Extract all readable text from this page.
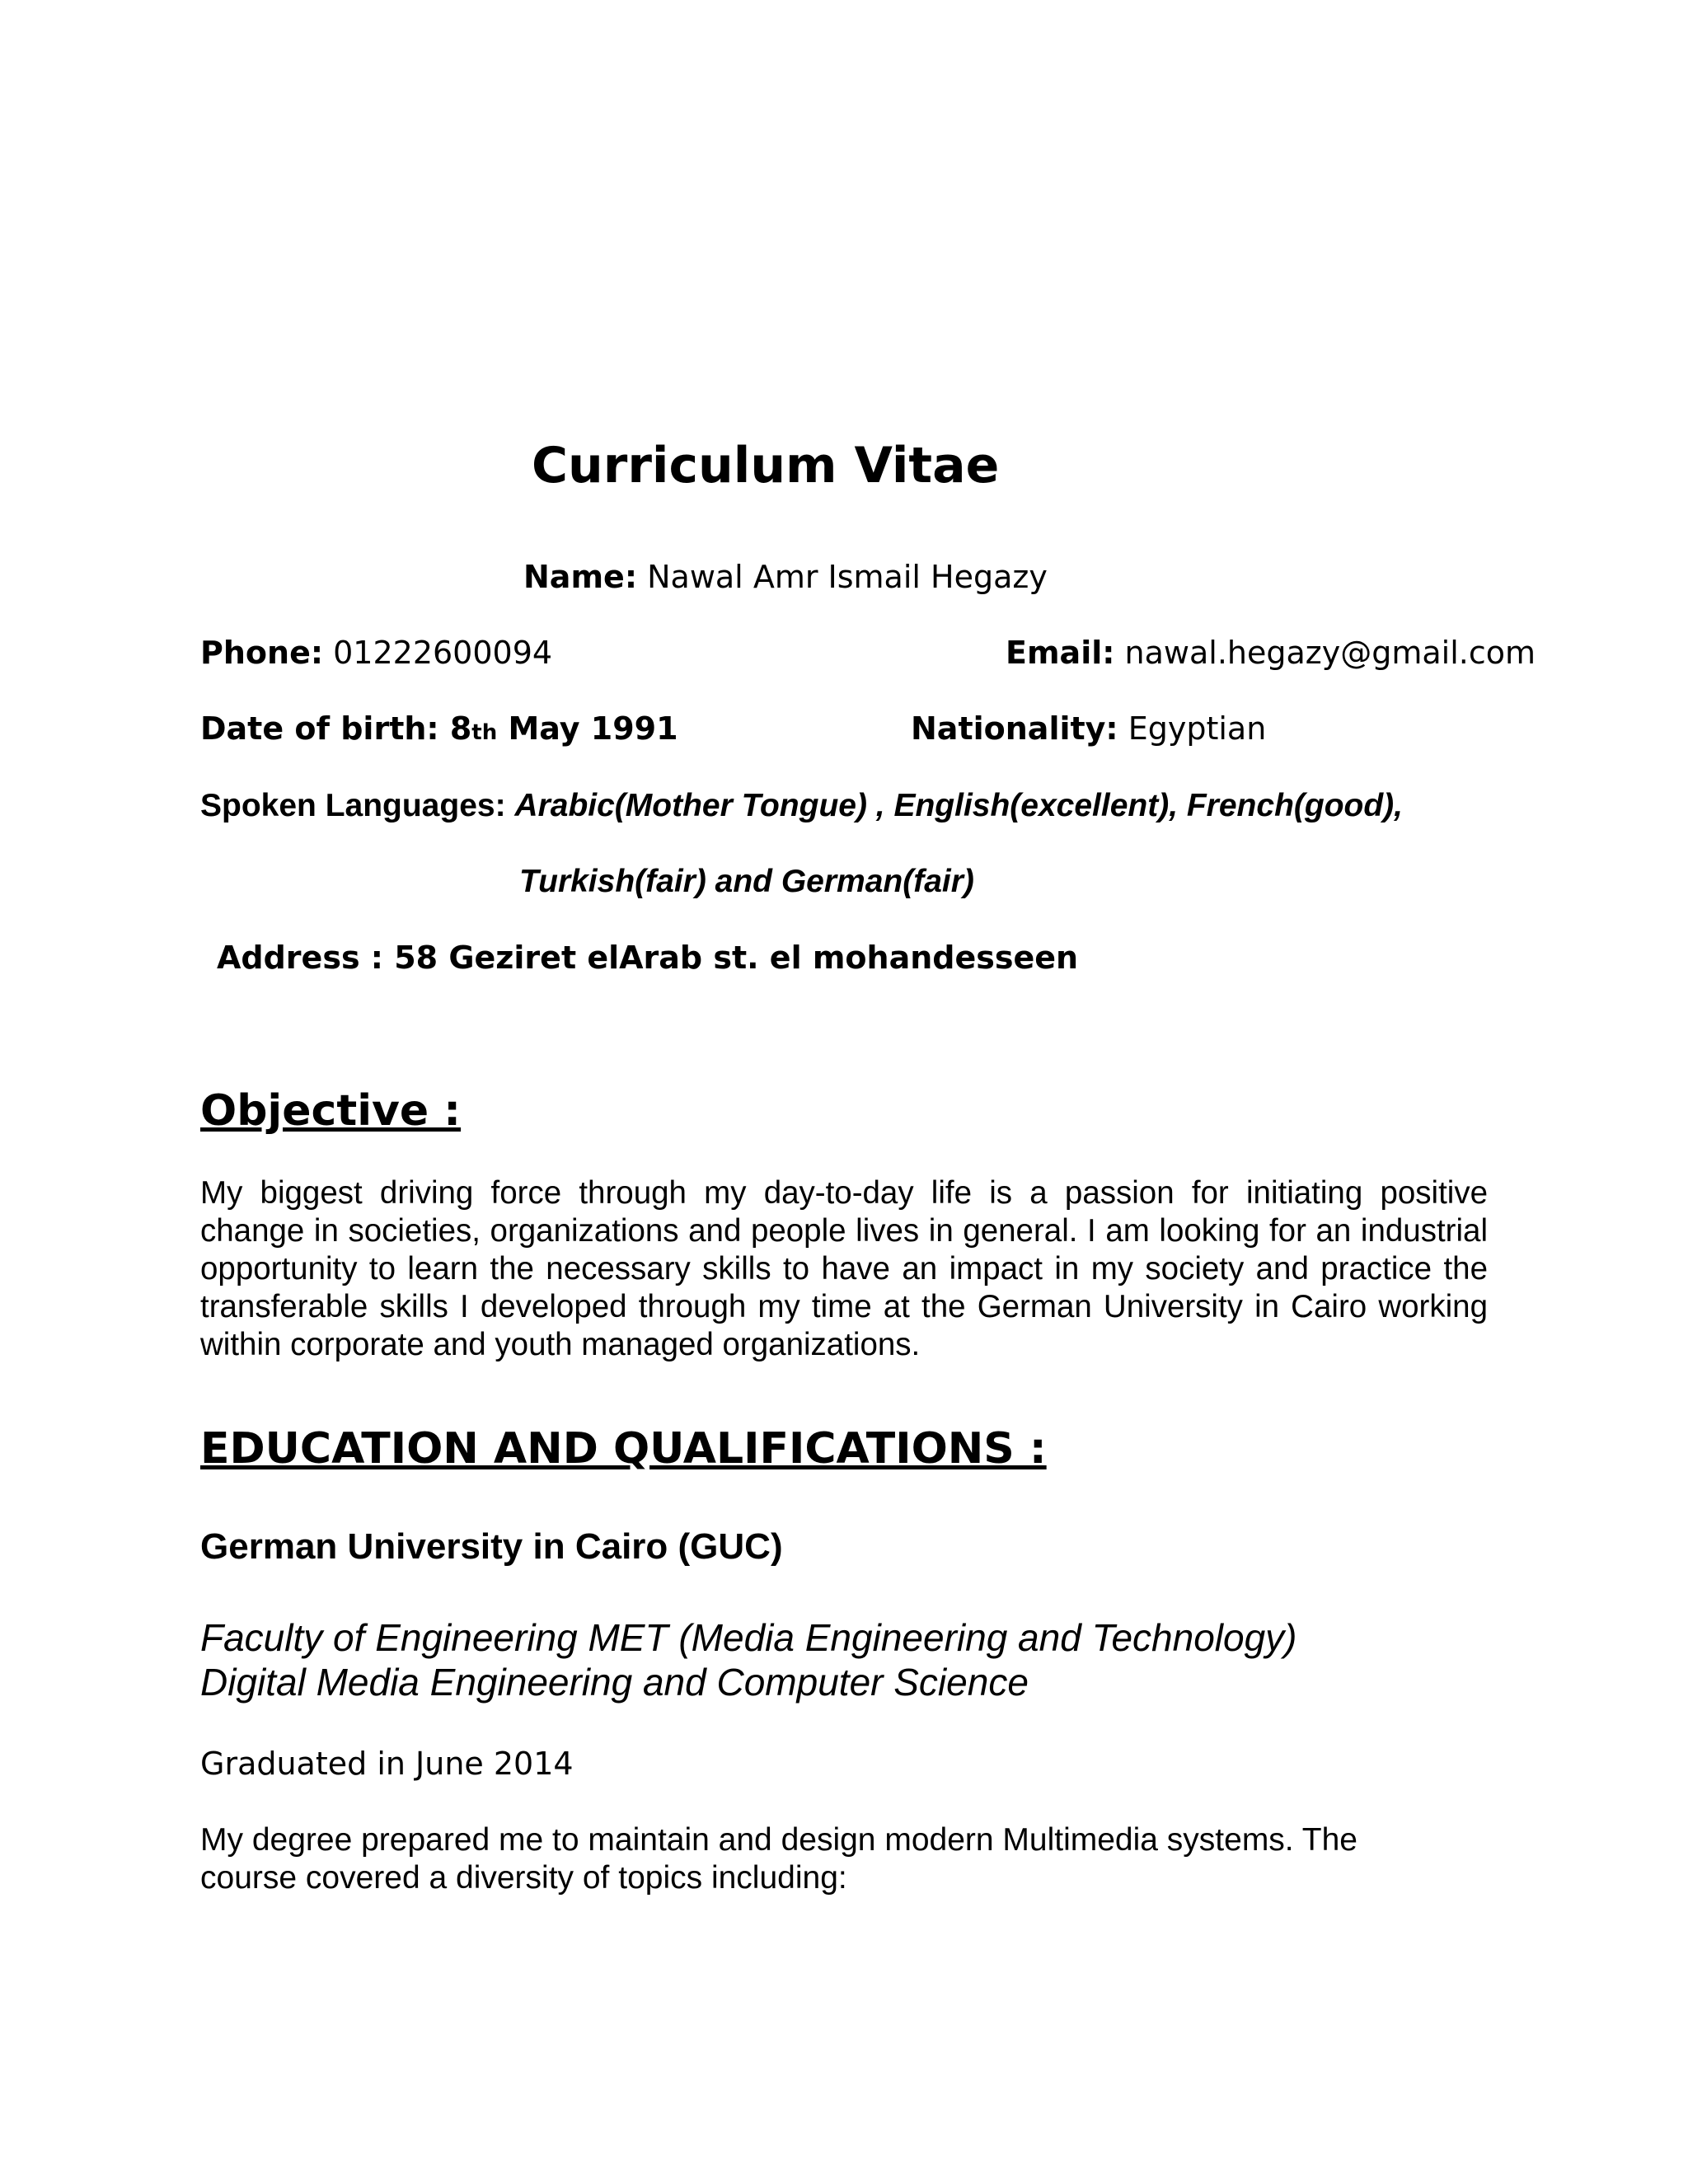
Curriculum Vitae
Name: Nawal Amr Ismail Hegazy
Phone: 01222600094	Email: nawal.hegazy@gmail.com
Date of birth: 8th May 1991	Nationality: Egyptian
Spoken Languages: Arabic(Mother Tongue) , English(excellent), French(good),
Turkish(fair) and German(fair)
Address : 58 Geziret elArab st. el mohandesseen
Objective :
My biggest driving force through my day-to-day life is a passion for initiating positive change in societies, organizations and people lives in general. I am looking for an industrial opportunity to learn the necessary skills to have an impact in my society and practice the transferable skills I developed through my time at the German University in Cairo working within corporate and youth managed organizations.
EDUCATION AND QUALIFICATIONS :
German University in Cairo (GUC)
Faculty of Engineering MET (Media Engineering and Technology)
Digital Media Engineering and Computer Science
Graduated in June 2014
My degree prepared me to maintain and design modern Multimedia systems. The
course covered a diversity of topics including:
